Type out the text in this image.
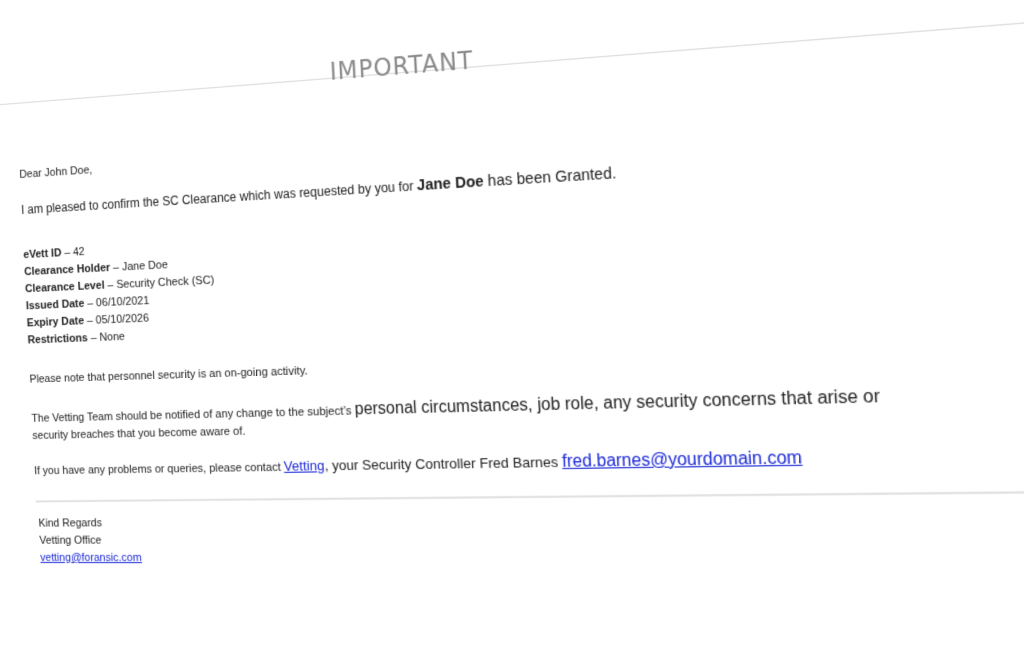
IMPORTANT

Dear John Doe,

I am pleased to confirm the SC Clearance which was requested by you for Jane Doe has been Granted.

eVett ID – 42

Clearance Holder – Jane Doe

Clearance Level – Security Check (SC)

Issued Date – 06/10/2021

Expiry Date – 05/10/2026

Restrictions – None

Please note that personnel security is an on-going activity.

The Vetting Team should be notified of any change to the subject’s personal circumstances, job role, any security concerns that arise or
security breaches that you become aware of.

If you have any problems or queries, please contact Vetting, your Security Controller Fred Barnes fred.barnes@yourdomain.com

Kind Regards

Vetting Office

vetting@foransic.com
